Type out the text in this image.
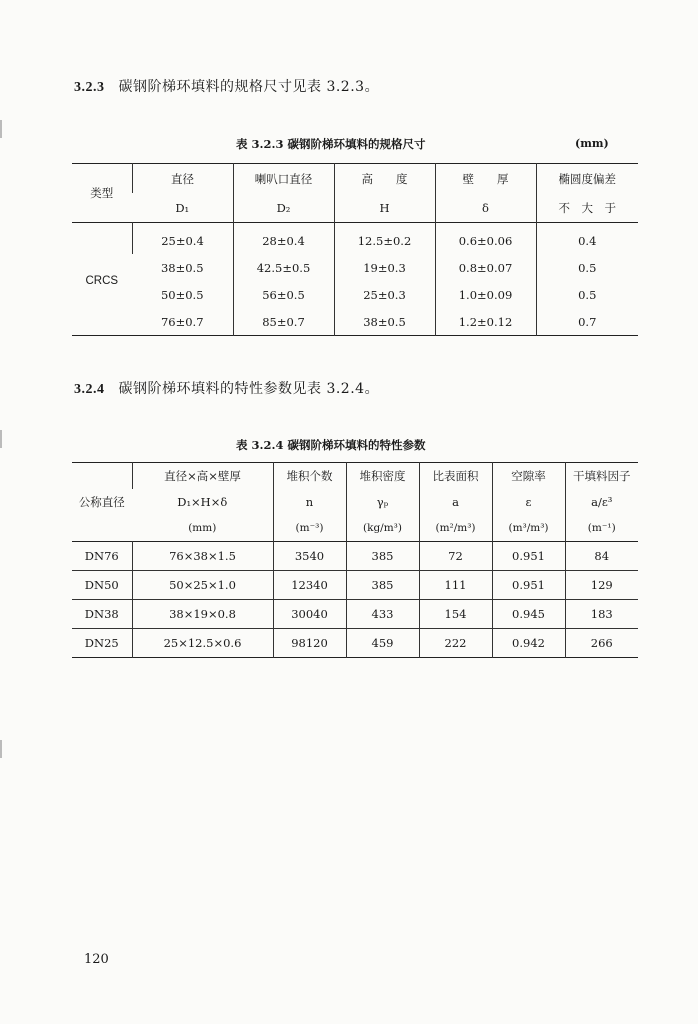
3.2.3 碳钢阶梯环填料的规格尺寸见表 3.2.3。
表 3.2.3 碳钢阶梯环填料的规格尺寸	(mm)
类型	直径	喇叭口直径	高　　度	壁　　厚	椭圆度偏差
	D₁	D₂	H	δ	不　大　于
CRCS	25±0.4	28±0.4	12.5±0.2	0.6±0.06	0.4
	38±0.5	42.5±0.5	19±0.3	0.8±0.07	0.5
	50±0.5	56±0.5	25±0.3	1.0±0.09	0.5
	76±0.7	85±0.7	38±0.5	1.2±0.12	0.7
3.2.4 碳钢阶梯环填料的特性参数见表 3.2.4。
表 3.2.4 碳钢阶梯环填料的特性参数
公称直径	直径×高×壁厚	堆积个数	堆积密度	比表面积	空隙率	干填料因子
	D₁×H×δ	n	γₚ	a	ε	a/ε³
	(mm)	(m⁻³)	(kg/m³)	(m²/m³)	(m³/m³)	(m⁻¹)
DN76	76×38×1.5	3540	385	72	0.951	84
DN50	50×25×1.0	12340	385	111	0.951	129
DN38	38×19×0.8	30040	433	154	0.945	183
DN25	25×12.5×0.6	98120	459	222	0.942	266
120
